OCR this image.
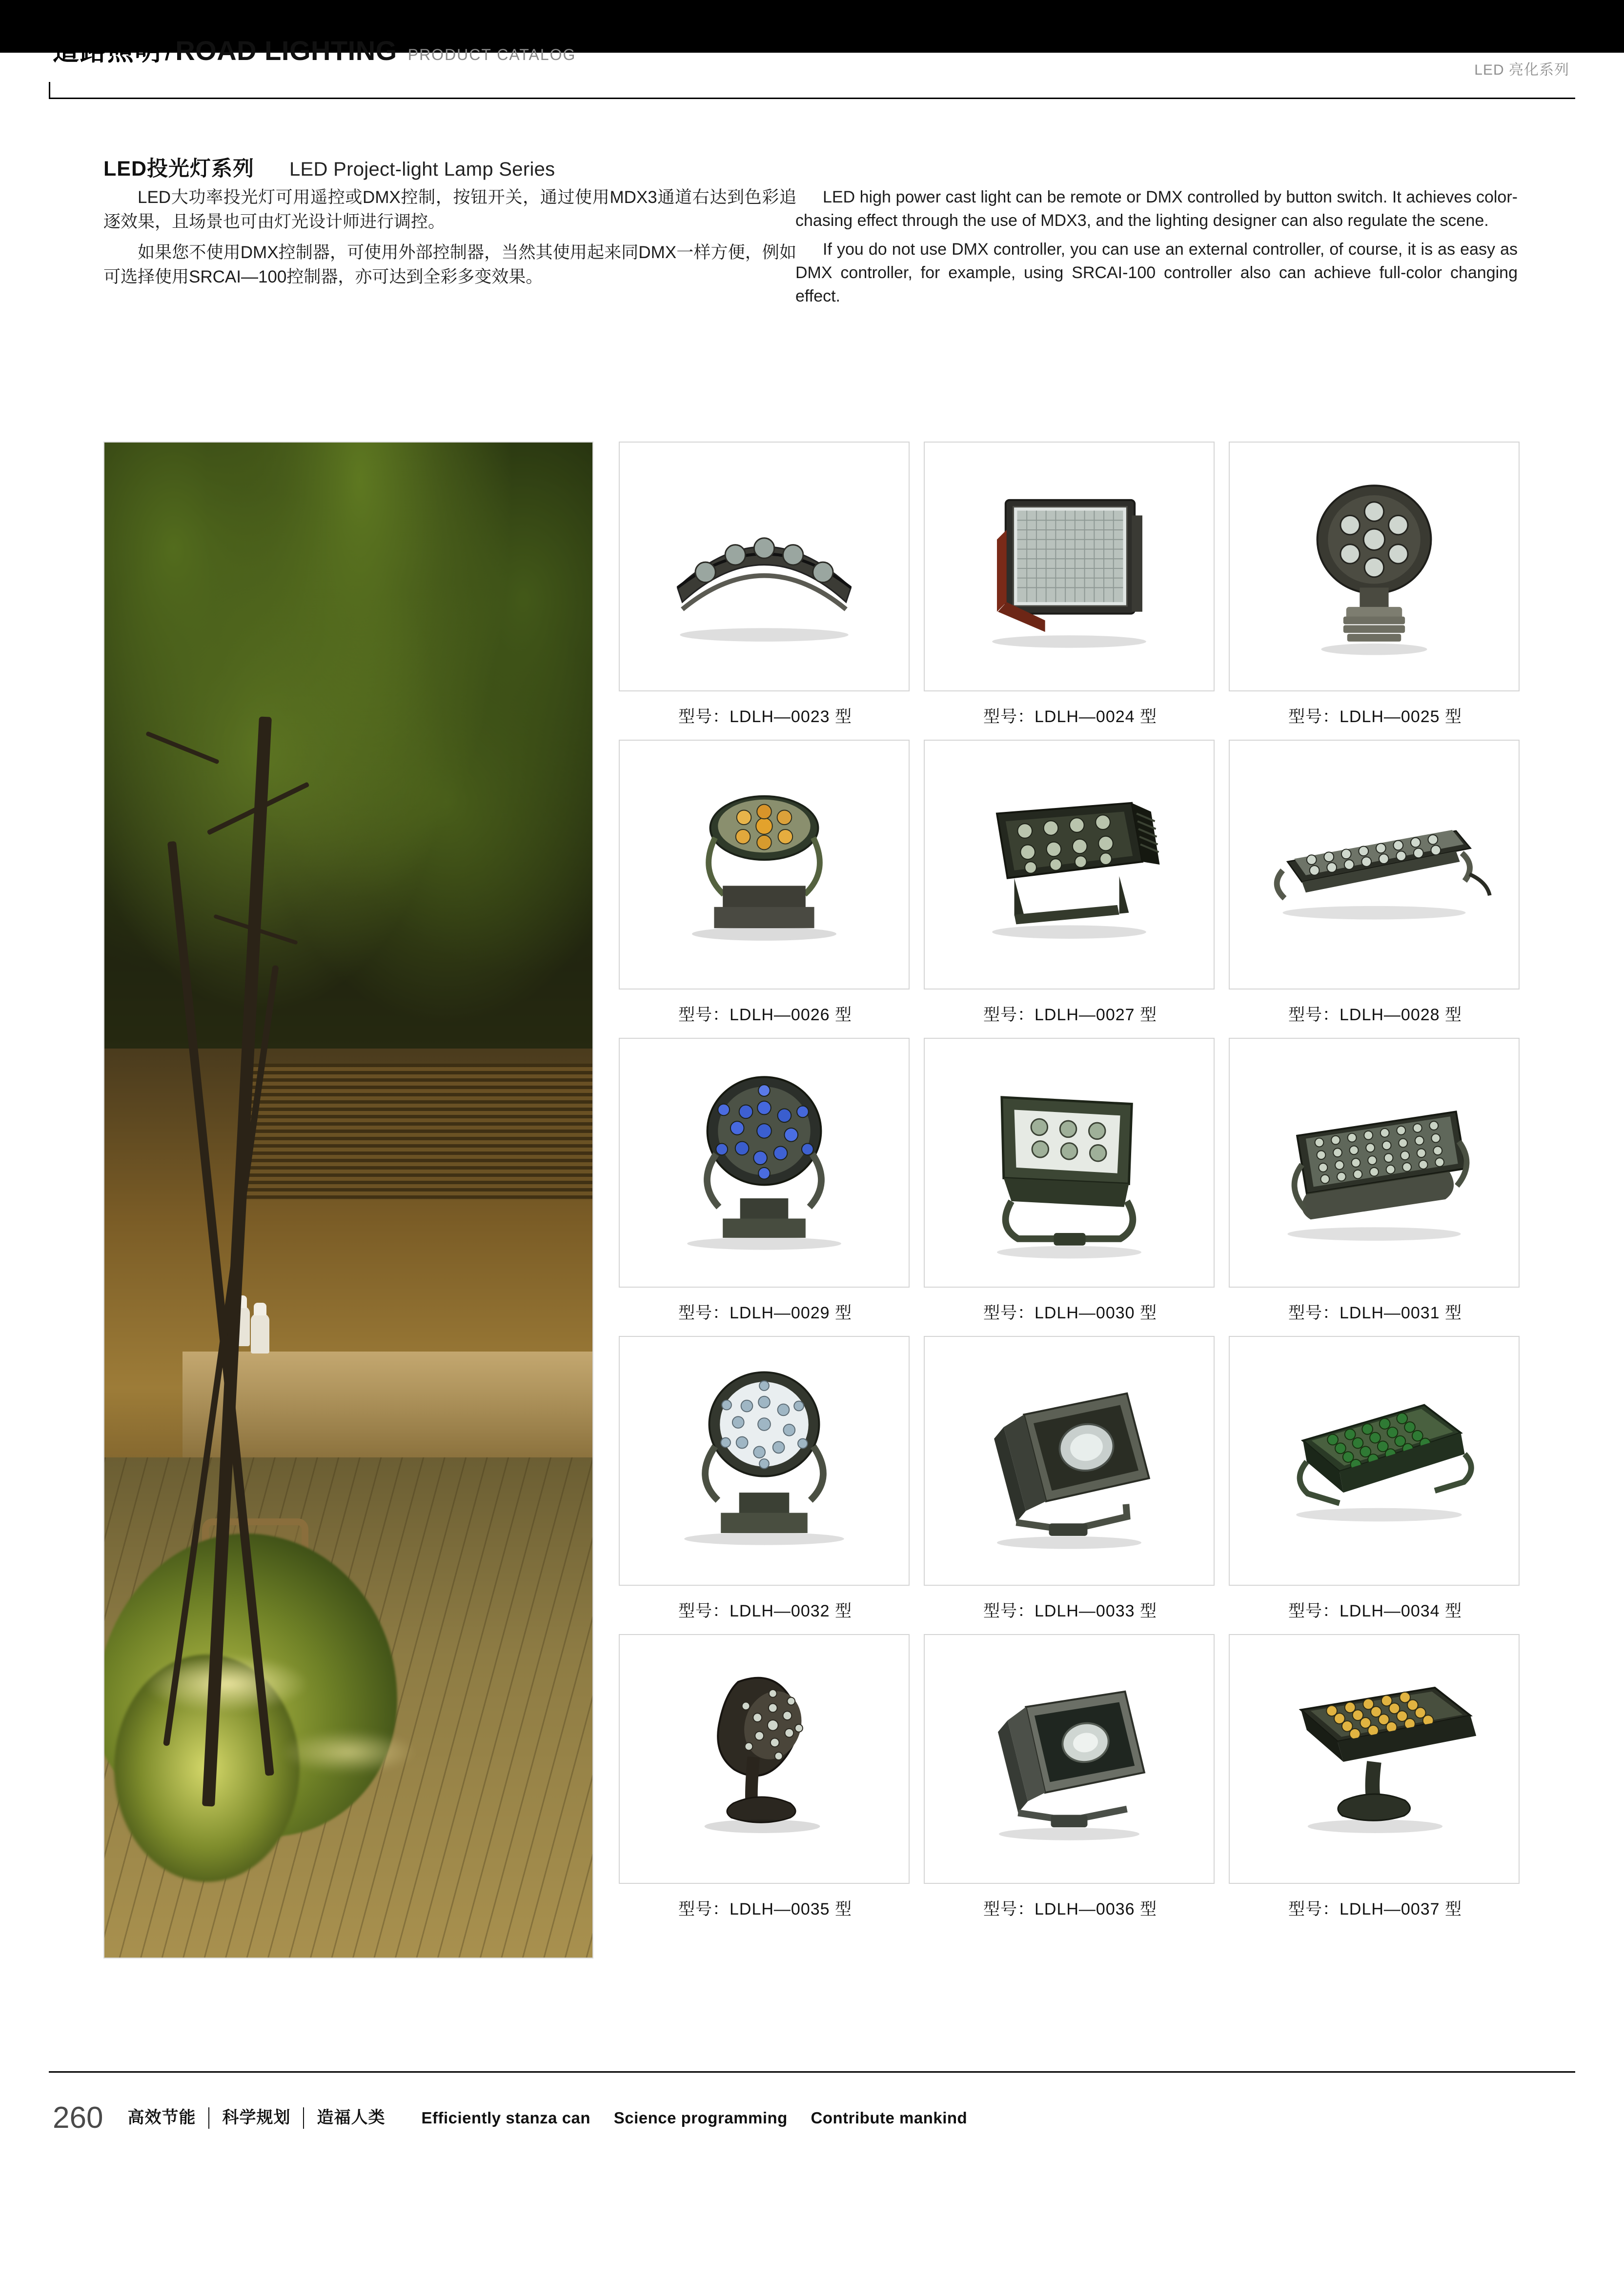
道路照明 / ROAD LIGHTING PRODUCT CATALOG
LED 亮化系列
LED投光灯系列 LED Project-light Lamp Series

LED大功率投光灯可用遥控或DMX控制，按钮开关，通过使用MDX3通道右达到色彩追逐效果，且场景也可由灯光设计师进行调控。

如果您不使用DMX控制器，可使用外部控制器，当然其使用起来同DMX一样方便，例如可选择使用SRCAI—100控制器，亦可达到全彩多变效果。

LED high power cast light can be remote or DMX controlled by button switch. It achieves color-chasing effect through the use of MDX3, and the lighting designer can also regulate the scene.

If you do not use DMX controller, you can use an external controller, of course, it is as easy as DMX controller, for example, using SRCAI-100 controller also can achieve full-color changing effect.

型号：LDLH—0023 型	型号：LDLH—0024 型	型号：LDLH—0025 型
型号：LDLH—0026 型	型号：LDLH—0027 型	型号：LDLH—0028 型
型号：LDLH—0029 型	型号：LDLH—0030 型	型号：LDLH—0031 型
型号：LDLH—0032 型	型号：LDLH—0033 型	型号：LDLH—0034 型
型号：LDLH—0035 型	型号：LDLH—0036 型	型号：LDLH—0037 型
260	高效节能	科学规划	造福人类	Efficiently stanza can Science programming Contribute mankind
